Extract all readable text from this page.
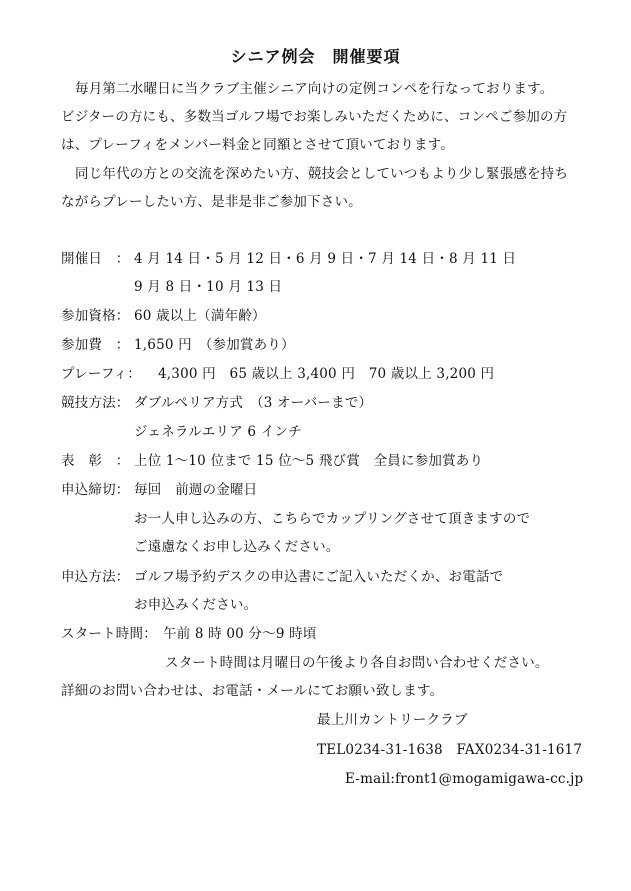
シニア例会　開催要項
毎月第二水曜日に当クラブ主催シニア向けの定例コンペを行なっております。
ビジターの方にも、多数当ゴルフ場でお楽しみいただくために、コンペご参加の方
は、プレーフィをメンバー料金と同額とさせて頂いております。
同じ年代の方との交流を深めたい方、競技会としていつもより少し緊張感を持ち
ながらプレーしたい方、是非是非ご参加下さい。
開催日　： 4 月 14 日・5 月 12 日・6 月 9 日・7 月 14 日・8 月 11 日
9 月 8 日・10 月 13 日
参加資格： 60 歳以上（満年齢）
参加費　： 1,650 円　（参加賞あり）
プレーフィ： 4,300 円　65 歳以上 3,400 円　70 歳以上 3,200 円
競技方法： ダブルペリア方式　（3 オーバーまで）
ジェネラルエリア 6 インチ
表　彰　： 上位 1～10 位まで 15 位～5 飛び賞　全員に参加賞あり
申込締切： 毎回　前週の金曜日
お一人申し込みの方、こちらでカップリングさせて頂きますので
ご遠慮なくお申し込みください。
申込方法： ゴルフ場予約デスクの申込書にご記入いただくか、お電話で
お申込みください。
スタート時間： 午前 8 時 00 分～9 時頃
スタート時間は月曜日の午後より各自お問い合わせください。
詳細のお問い合わせは、お電話・メールにてお願い致します。
最上川カントリークラブ
TEL0234-31-1638　FAX0234-31-1617
E-mail:front1@mogamigawa-cc.jp
